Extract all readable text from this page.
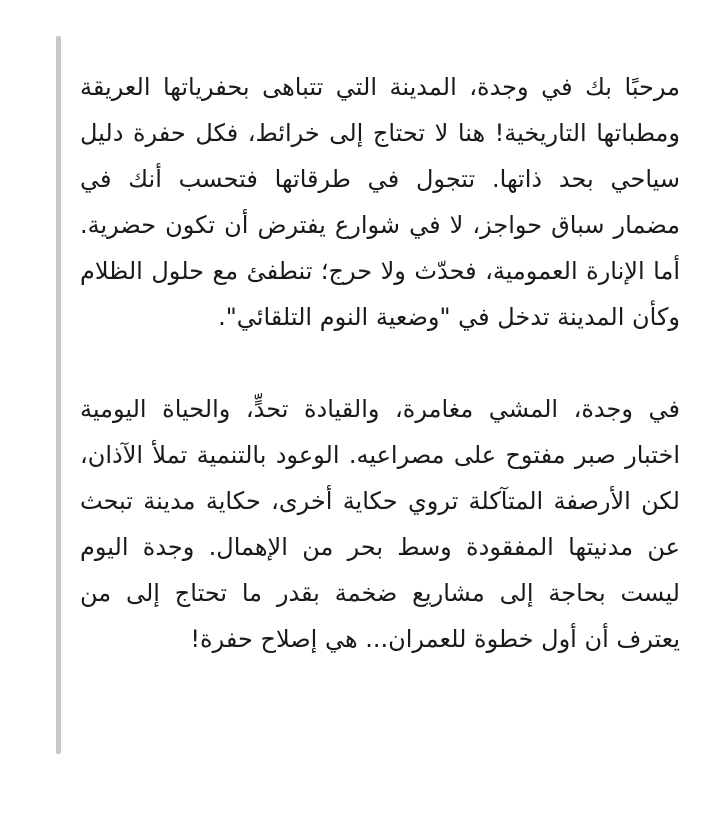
مرحبًا بك في وجدة، المدينة التي تتباهى بحفرياتها العريقة ومطباتها التاريخية! هنا لا تحتاج إلى خرائط، فكل حفرة دليل سياحي بحد ذاتها. تتجول في طرقاتها فتحسب أنك في مضمار سباق حواجز، لا في شوارع يفترض أن تكون حضرية. أما الإنارة العمومية، فحدّث ولا حرج؛ تنطفئ مع حلول الظلام وكأن المدينة تدخل في "وضعية النوم التلقائي".

في وجدة، المشي مغامرة، والقيادة تحدٍّ، والحياة اليومية اختبار صبر مفتوح على مصراعيه. الوعود بالتنمية تملأ الآذان، لكن الأرصفة المتآكلة تروي حكاية أخرى، حكاية مدينة تبحث عن مدنيتها المفقودة وسط بحر من الإهمال. وجدة اليوم ليست بحاجة إلى مشاريع ضخمة بقدر ما تحتاج إلى من يعترف أن أول خطوة للعمران... هي إصلاح حفرة!
